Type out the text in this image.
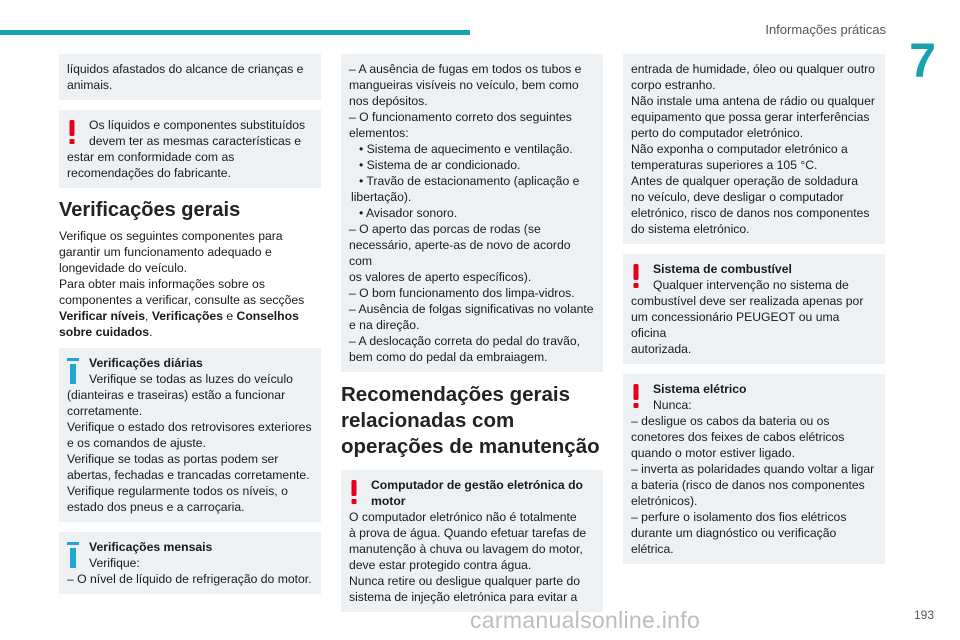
Informações práticas
7
líquidos afastados do alcance de crianças e animais.
Os líquidos e componentes substituídos
devem ter as mesmas características e
estar em conformidade com as
recomendações do fabricante.
Verificações gerais
Verifique os seguintes componentes para
garantir um funcionamento adequado e
longevidade do veículo.
Para obter mais informações sobre os
componentes a verificar, consulte as secções
Verificar níveis, Verificações e Conselhos
sobre cuidados.
Verificações diárias
Verifique se todas as luzes do veículo
(dianteiras e traseiras) estão a funcionar
corretamente.
Verifique o estado dos retrovisores exteriores
e os comandos de ajuste.
Verifique se todas as portas podem ser
abertas, fechadas e trancadas corretamente.
Verifique regularmente todos os níveis, o
estado dos pneus e a carroçaria.
Verificações mensais
Verifique:
– O nível de líquido de refrigeração do motor.
– A ausência de fugas em todos os tubos e
mangueiras visíveis no veículo, bem como
nos depósitos.
– O funcionamento correto dos seguintes
elementos:
• Sistema de aquecimento e ventilação.
• Sistema de ar condicionado.
• Travão de estacionamento (aplicação e
libertação).
• Avisador sonoro.
– O aperto das porcas de rodas (se
necessário, aperte-as de novo de acordo com
os valores de aperto específicos).
– O bom funcionamento dos limpa-vidros.
– Ausência de folgas significativas no volante
e na direção.
– A deslocação correta do pedal do travão,
bem como do pedal da embraiagem.
Recomendações gerais
relacionadas com
operações de manutenção
Computador de gestão eletrónica do
motor
O computador eletrónico não é totalmente
à prova de água. Quando efetuar tarefas de
manutenção à chuva ou lavagem do motor,
deve estar protegido contra água.
Nunca retire ou desligue qualquer parte do
sistema de injeção eletrónica para evitar a
entrada de humidade, óleo ou qualquer outro
corpo estranho.
Não instale uma antena de rádio ou qualquer
equipamento que possa gerar interferências
perto do computador eletrónico.
Não exponha o computador eletrónico a
temperaturas superiores a 105 °C.
Antes de qualquer operação de soldadura
no veículo, deve desligar o computador
eletrónico, risco de danos nos componentes
do sistema eletrónico.
Sistema de combustível
Qualquer intervenção no sistema de
combustível deve ser realizada apenas por
um concessionário PEUGEOT ou uma oficina
autorizada.
Sistema elétrico
Nunca:
– desligue os cabos da bateria ou os
conetores dos feixes de cabos elétricos
quando o motor estiver ligado.
– inverta as polaridades quando voltar a ligar
a bateria (risco de danos nos componentes
eletrónicos).
– perfure o isolamento dos fios elétricos
durante um diagnóstico ou verificação
elétrica.
carmanualsonline.info	193
